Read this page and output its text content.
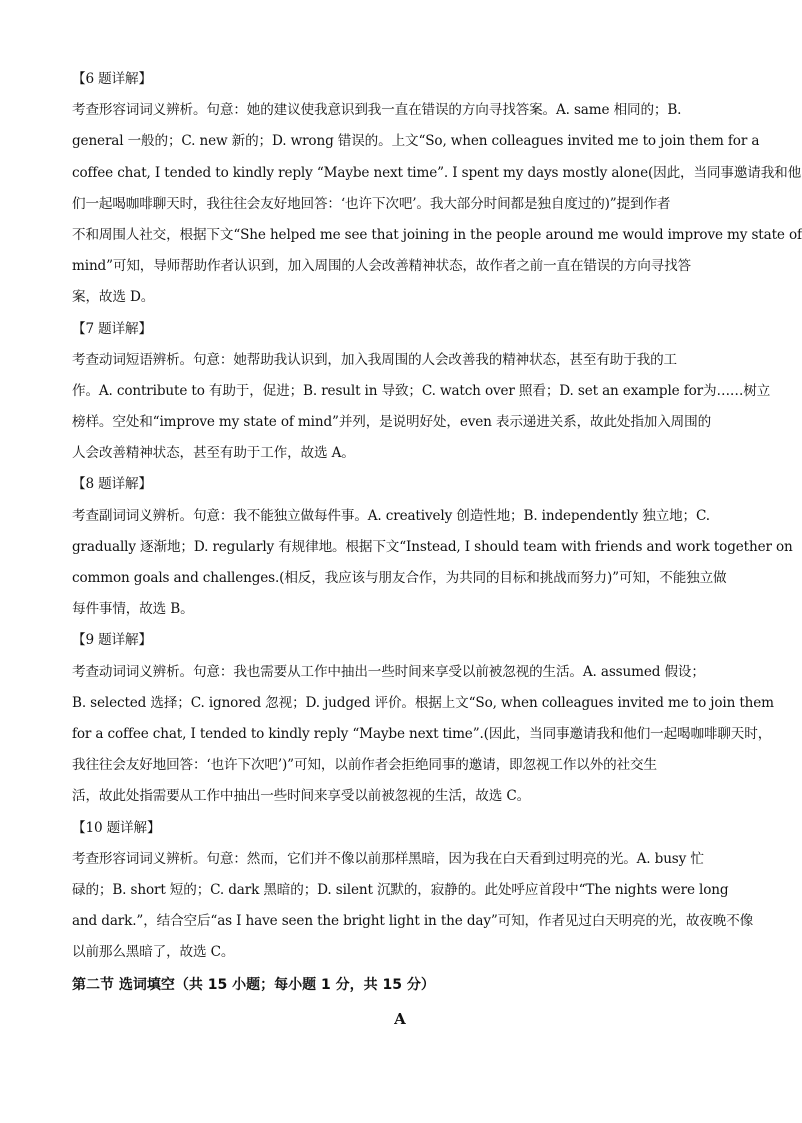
【6 题详解】
考查形容词词义辨析。句意：她的建议使我意识到我一直在错误的方向寻找答案。A. same 相同的；B.
general 一般的；C. new 新的；D. wrong 错误的。上文“So, when colleagues invited me to join them for a
coffee chat, I tended to kindly reply “Maybe next time”. I spent my days mostly alone(因此，当同事邀请我和他
们一起喝咖啡聊天时，我往往会友好地回答：‘也许下次吧’。我大部分时间都是独自度过的)”提到作者
不和周围人社交，根据下文“She helped me see that joining in the people around me would improve my state of
mind”可知，导师帮助作者认识到，加入周围的人会改善精神状态，故作者之前一直在错误的方向寻找答
案，故选 D。
【7 题详解】
考查动词短语辨析。句意：她帮助我认识到，加入我周围的人会改善我的精神状态，甚至有助于我的工
作。A. contribute to 有助于，促进；B. result in 导致；C. watch over 照看；D. set an example for为……树立
榜样。空处和“improve my state of mind”并列，是说明好处，even 表示递进关系，故此处指加入周围的
人会改善精神状态，甚至有助于工作，故选 A。
【8 题详解】
考查副词词义辨析。句意：我不能独立做每件事。A. creatively 创造性地；B. independently 独立地；C.
gradually 逐渐地；D. regularly 有规律地。根据下文“Instead, I should team with friends and work together on
common goals and challenges.(相反，我应该与朋友合作，为共同的目标和挑战而努力)”可知，不能独立做
每件事情，故选 B。
【9 题详解】
考查动词词义辨析。句意：我也需要从工作中抽出一些时间来享受以前被忽视的生活。A. assumed 假设；
B. selected 选择；C. ignored 忽视；D. judged 评价。根据上文“So, when colleagues invited me to join them
for a coffee chat, I tended to kindly reply “Maybe next time”.(因此，当同事邀请我和他们一起喝咖啡聊天时，
我往往会友好地回答：‘也许下次吧’)”可知，以前作者会拒绝同事的邀请，即忽视工作以外的社交生
活，故此处指需要从工作中抽出一些时间来享受以前被忽视的生活，故选 C。
【10 题详解】
考查形容词词义辨析。句意：然而，它们并不像以前那样黑暗，因为我在白天看到过明亮的光。A. busy 忙
碌的；B. short 短的；C. dark 黑暗的；D. silent 沉默的，寂静的。此处呼应首段中“The nights were long
and dark.”，结合空后“as I have seen the bright light in the day”可知，作者见过白天明亮的光，故夜晚不像
以前那么黑暗了，故选 C。
第二节 选词填空（共 15 小题；每小题 1 分，共 15 分）
A
